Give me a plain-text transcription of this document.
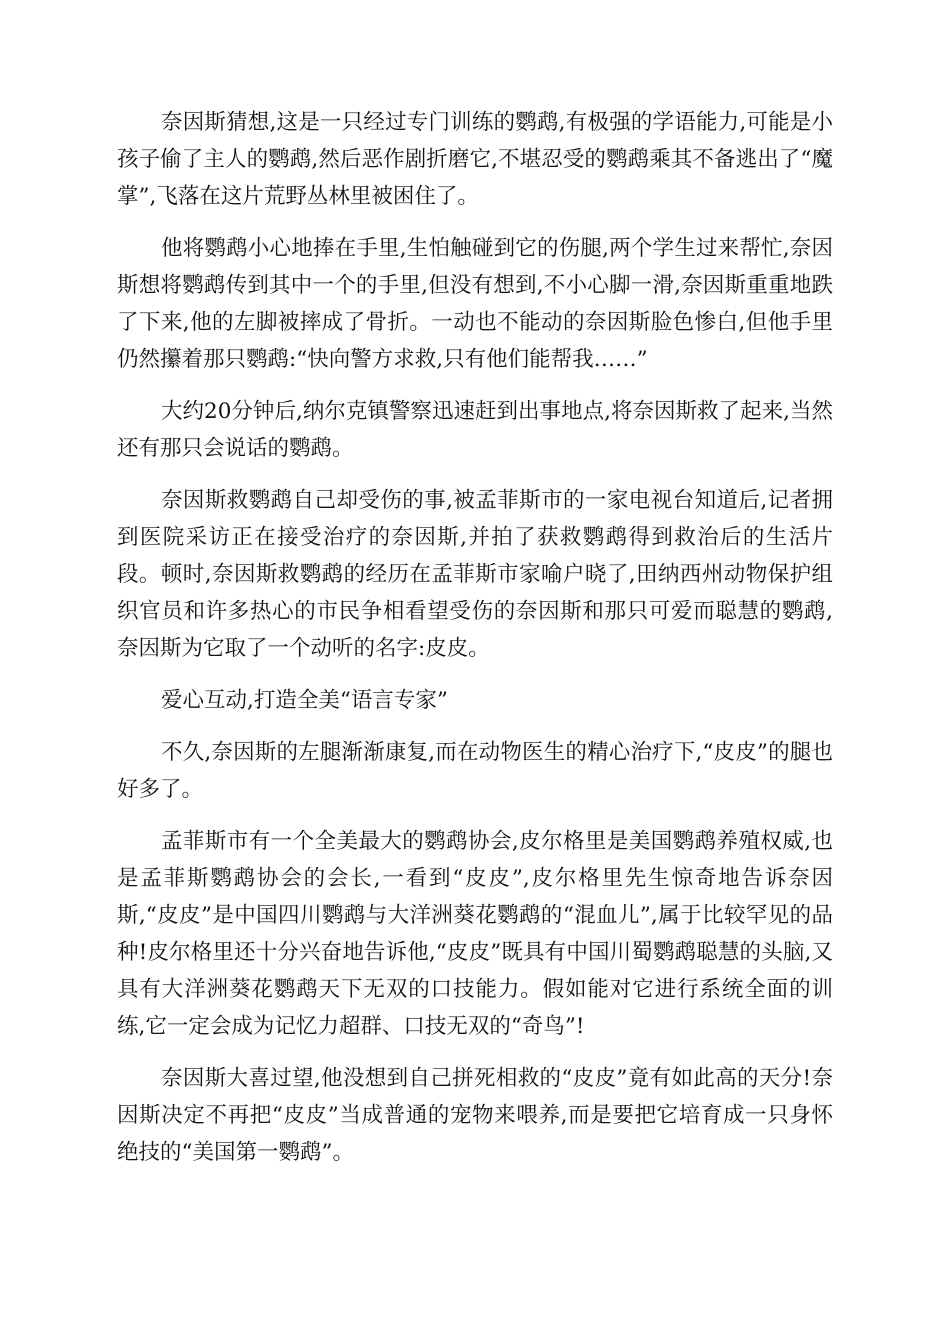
奈因斯猜想,这是一只经过专门训练的鹦鹉,有极强的学语能力,可能是小孩子偷了主人的鹦鹉,然后恶作剧折磨它,不堪忍受的鹦鹉乘其不备逃出了“魔掌”,飞落在这片荒野丛林里被困住了。

他将鹦鹉小心地捧在手里,生怕触碰到它的伤腿,两个学生过来帮忙,奈因斯想将鹦鹉传到其中一个的手里,但没有想到,不小心脚一滑,奈因斯重重地跌了下来,他的左脚被摔成了骨折。一动也不能动的奈因斯脸色惨白,但他手里仍然攥着那只鹦鹉:“快向警方求救,只有他们能帮我……”

大约20分钟后,纳尔克镇警察迅速赶到出事地点,将奈因斯救了起来,当然还有那只会说话的鹦鹉。

奈因斯救鹦鹉自己却受伤的事,被孟菲斯市的一家电视台知道后,记者拥到医院采访正在接受治疗的奈因斯,并拍了获救鹦鹉得到救治后的生活片段。顿时,奈因斯救鹦鹉的经历在孟菲斯市家喻户晓了,田纳西州动物保护组织官员和许多热心的市民争相看望受伤的奈因斯和那只可爱而聪慧的鹦鹉,奈因斯为它取了一个动听的名字:皮皮。

爱心互动,打造全美“语言专家”

不久,奈因斯的左腿渐渐康复,而在动物医生的精心治疗下,“皮皮”的腿也好多了。

孟菲斯市有一个全美最大的鹦鹉协会,皮尔格里是美国鹦鹉养殖权威,也是孟菲斯鹦鹉协会的会长,一看到“皮皮”,皮尔格里先生惊奇地告诉奈因斯,“皮皮”是中国四川鹦鹉与大洋洲葵花鹦鹉的“混血儿”,属于比较罕见的品种!皮尔格里还十分兴奋地告诉他,“皮皮”既具有中国川蜀鹦鹉聪慧的头脑,又具有大洋洲葵花鹦鹉天下无双的口技能力。假如能对它进行系统全面的训练,它一定会成为记忆力超群、口技无双的“奇鸟”!

奈因斯大喜过望,他没想到自己拼死相救的“皮皮”竟有如此高的天分!奈因斯决定不再把“皮皮”当成普通的宠物来喂养,而是要把它培育成一只身怀绝技的“美国第一鹦鹉”。
